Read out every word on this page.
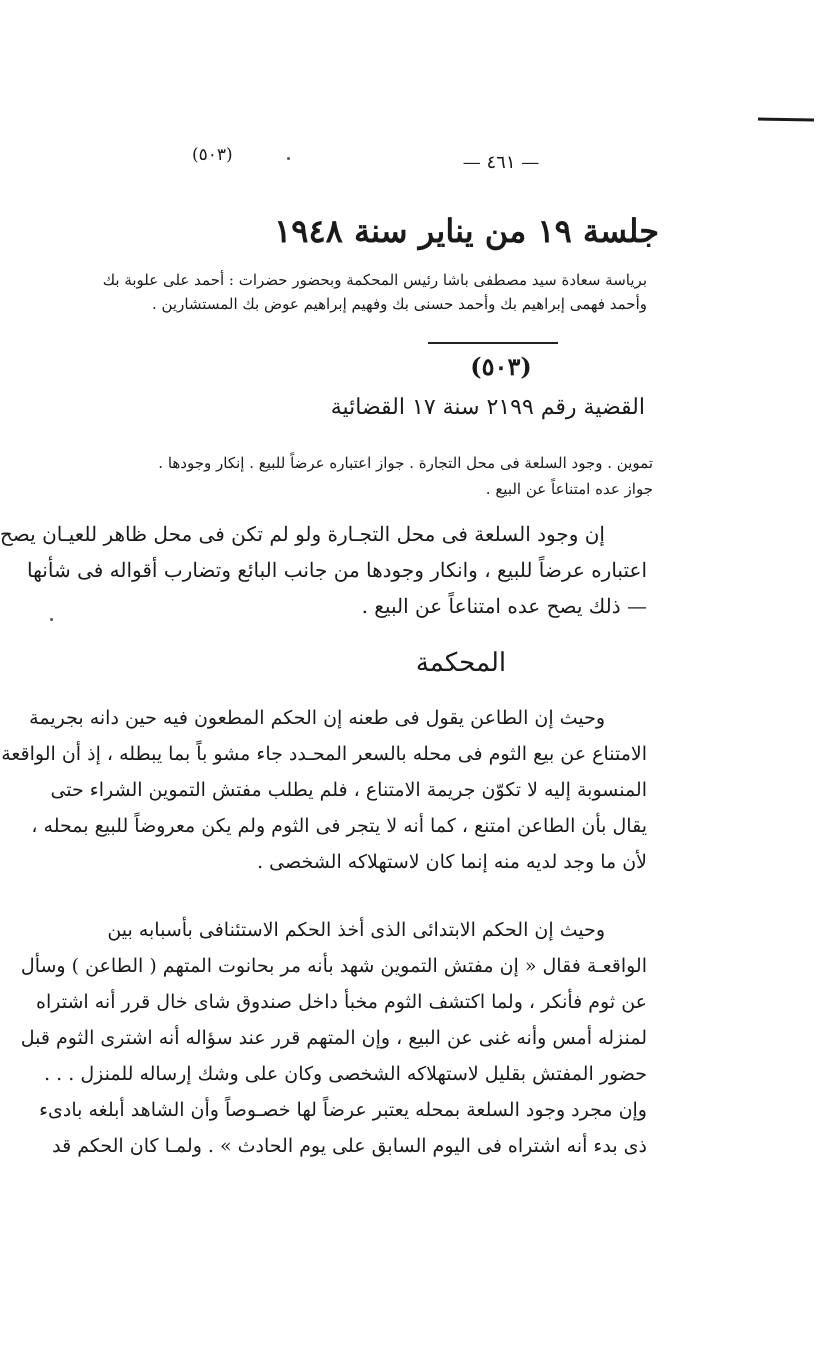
(٥٠٣)	— ٤٦١ —
جلسة ١٩ من يناير سنة ١٩٤٨

برياسة سعادة سيد مصطفى باشا رئيس المحكمة وبحضور حضرات : أحمد على علوبة بك

وأحمد فهمى إبراهيم بك وأحمد حسنى بك وفهيم إبراهيم عوض بك المستشارين .

(٥٠٣)
القضية رقم ٢١٩٩ سنة ١٧ القضائية

تموين . وجود السلعة فى محل التجارة . جواز اعتباره عرضاً للبيع . إنكار وجودها .

جواز عده امتناعاً عن البيع .

إن وجود السلعة فى محل التجـارة ولو لم تكن فى محل ظاهر للعيـان يصح

اعتباره عرضاً للبيع ، وانكار وجودها من جانب البائع وتضارب أقواله فى شأنها

— ذلك يصح عده امتناعاً عن البيع .

المحكمة

وحيث إن الطاعن يقول فى طعنه إن الحكم المطعون فيه حين دانه بجريمة

الامتناع عن بيع الثوم فى محله بالسعر المحـدد جاء مشو باً بما يبطله ، إذ أن الواقعة

المنسوبة إليه لا تكوّن جريمة الامتناع ، فلم يطلب مفتش التموين الشراء حتى

يقال بأن الطاعن امتنع ، كما أنه لا يتجر فى الثوم ولم يكن معروضاً للبيع بمحله ،

لأن ما وجد لديه منه إنما كان لاستهلاكه الشخصى .

وحيث إن الحكم الابتدائى الذى أخذ الحكم الاستئنافى بأسبابه بين

الواقعـة فقال « إن مفتش التموين شهد بأنه مر بحانوت المتهم ( الطاعن ) وسأل

عن ثوم فأنكر ، ولما اكتشف الثوم مخبأ داخل صندوق شاى خال قرر أنه اشتراه

لمنزله أمس وأنه غنى عن البيع ، وإن المتهم قرر عند سؤاله أنه اشترى الثوم قبل

حضور المفتش بقليل لاستهلاكه الشخصى وكان على وشك إرساله للمنزل . . .

وإن مجرد وجود السلعة بمحله يعتبر عرضاً لها خصـوصاً وأن الشاهد أبلغه بادىء

ذى بدء أنه اشتراه فى اليوم السابق على يوم الحادث » . ولمـا كان الحكم قد
